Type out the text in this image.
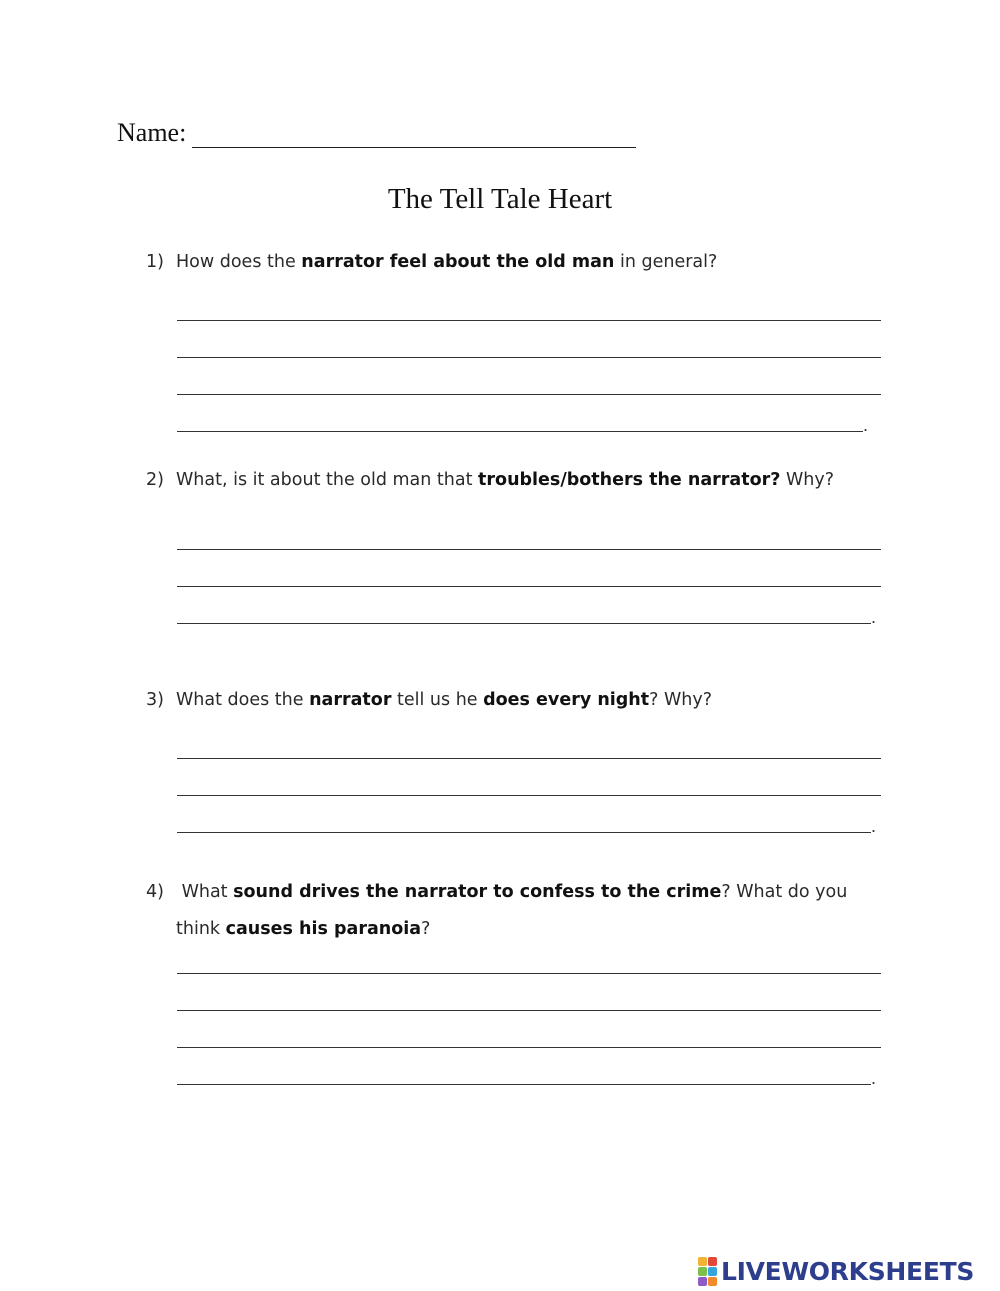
Name:
The Tell Tale Heart
1) How does the narrator feel about the old man in general?
.
2) What, is it about the old man that troubles/bothers the narrator? Why?
.
3) What does the narrator tell us he does every night? Why?
.
4) What sound drives the narrator to confess to the crime? What do you
think causes his paranoia?
.
LIVEWORKSHEETS
